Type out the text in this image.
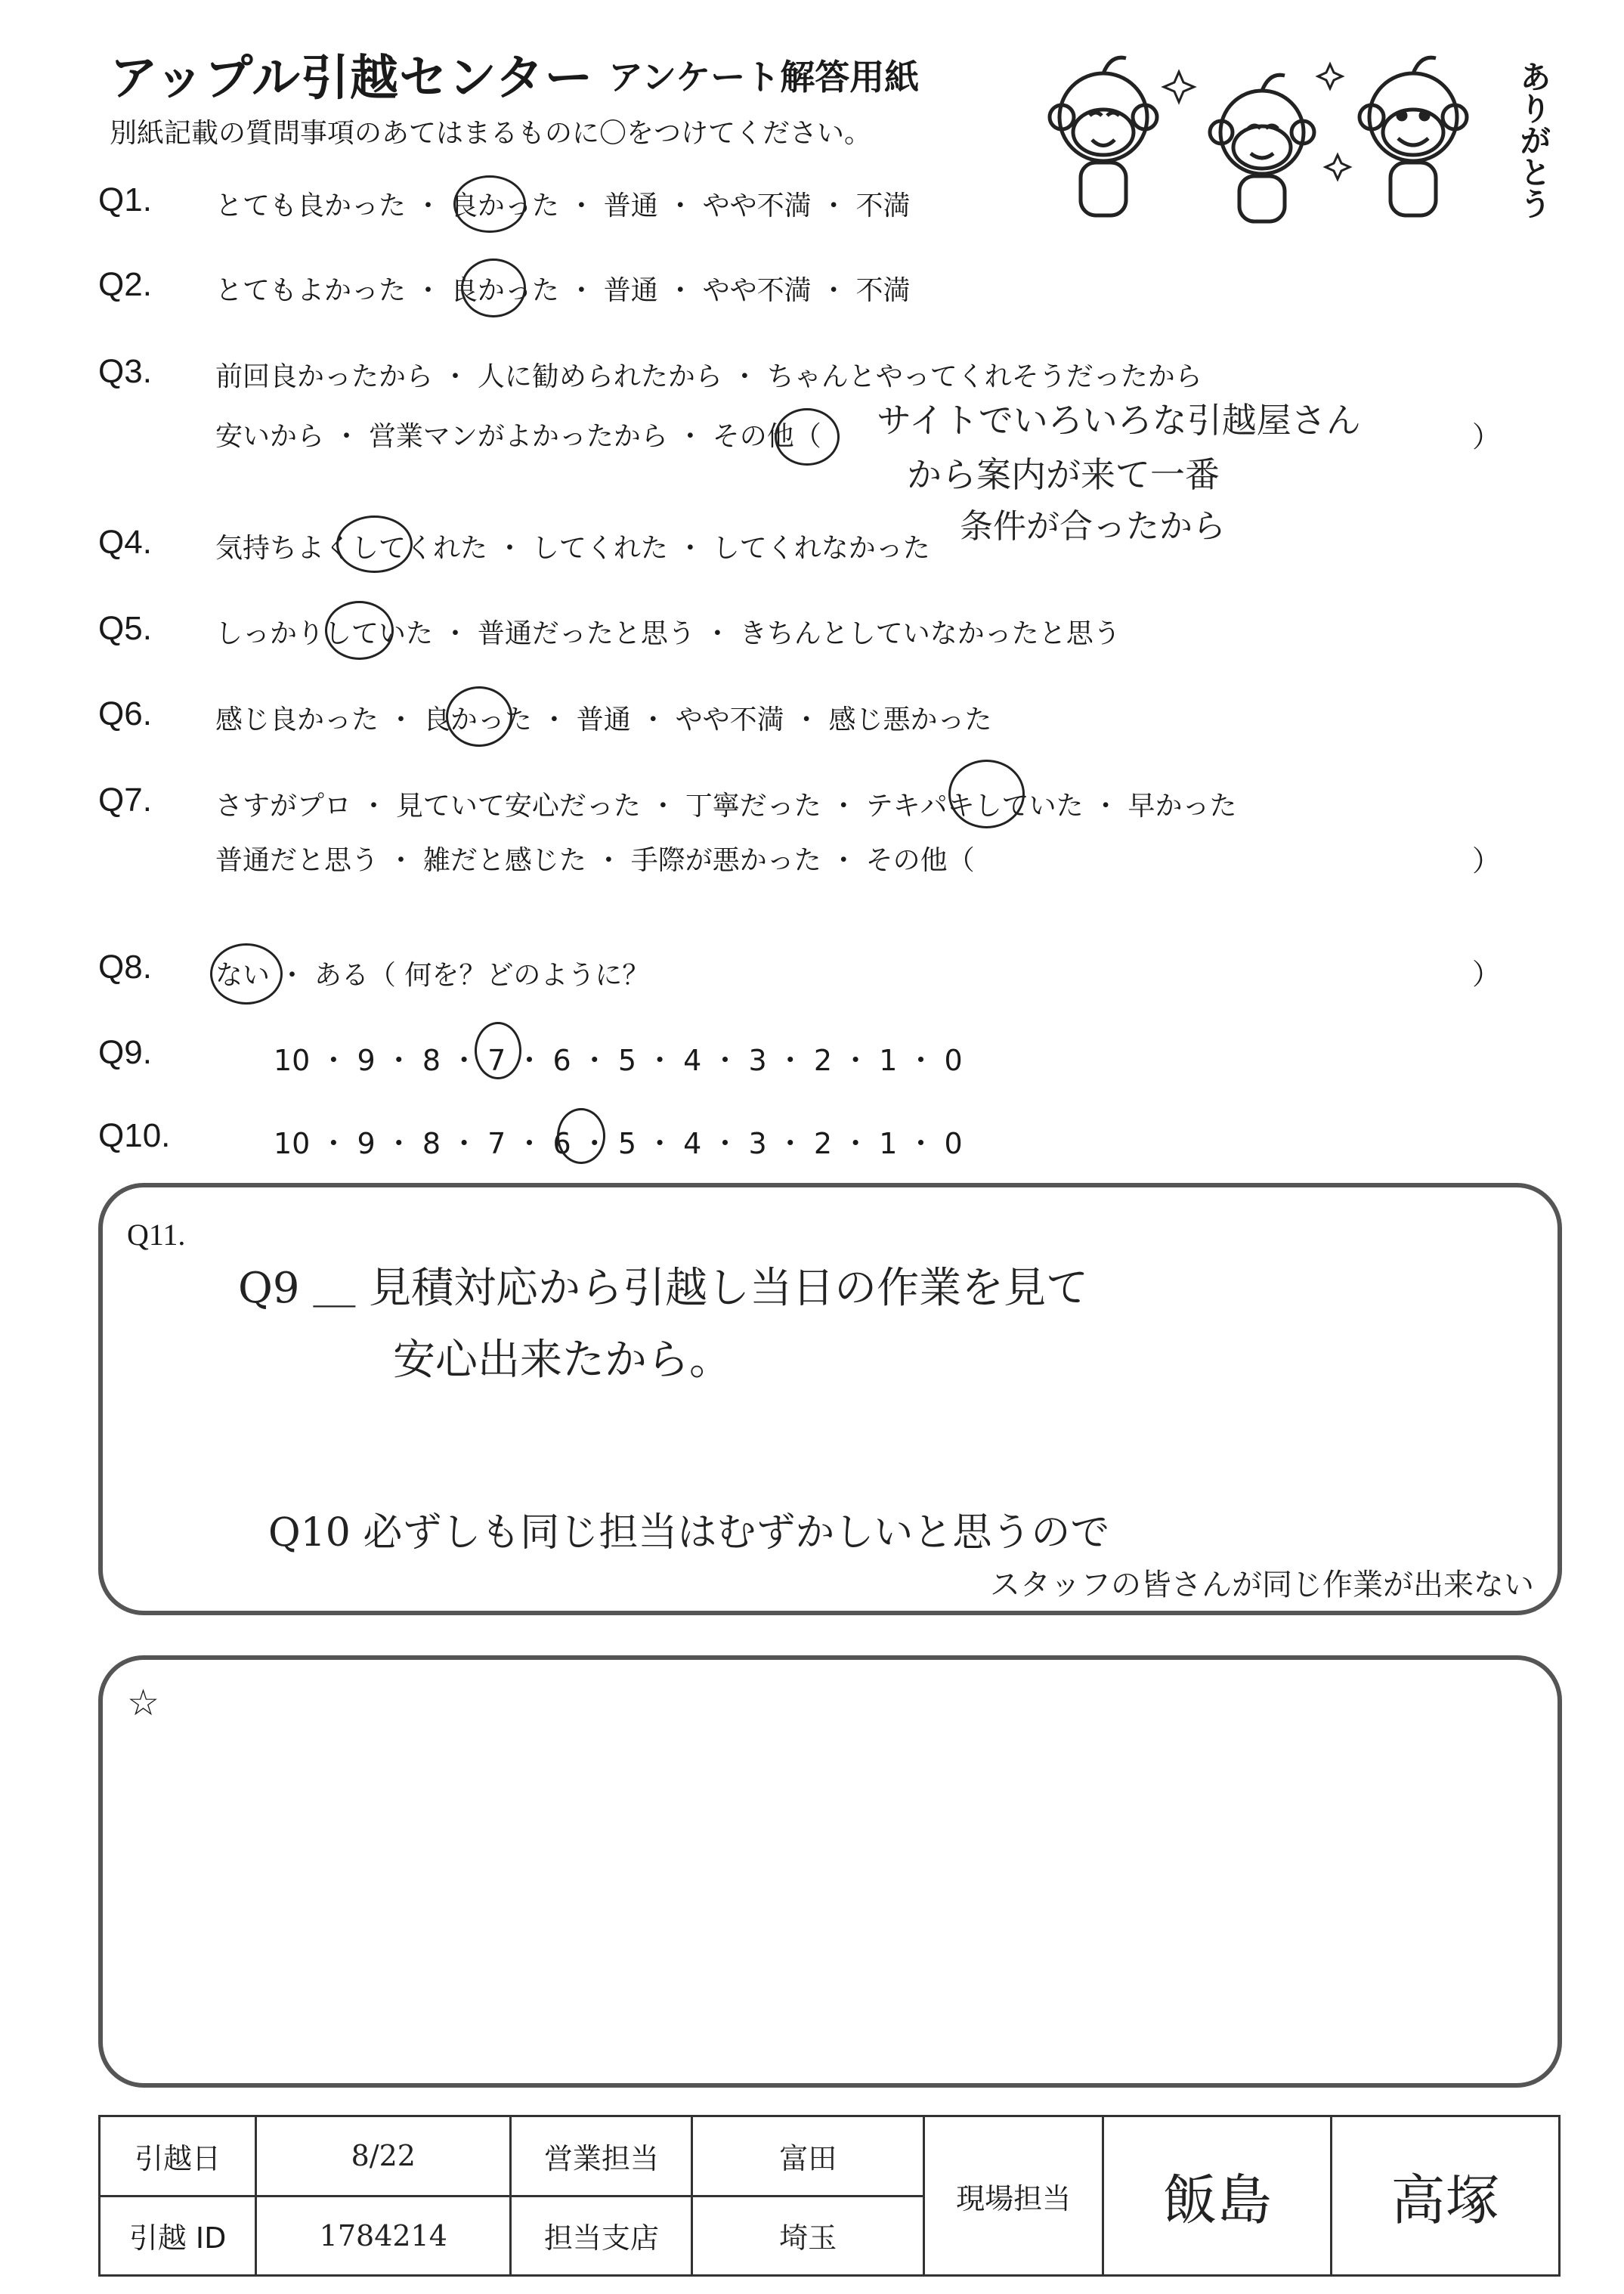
アップル引越センター アンケート解答用紙
別紙記載の質問事項のあてはまるものに〇をつけてください。	ありがとう
Q1. とても良かった ・ 良かった ・ 普通 ・ やや不満 ・ 不満
Q2. とてもよかった ・ 良かった ・ 普通 ・ やや不満 ・ 不満
Q3. 前回良かったから ・ 人に勧められたから ・ ちゃんとやってくれそうだったから
安いから ・ 営業マンがよかったから ・ その他（	）
サイトでいろいろな引越屋さん
から案内が来て一番
条件が合ったから
Q4. 気持ちよくしてくれた ・ してくれた ・ してくれなかった
Q5. しっかりしていた ・ 普通だったと思う ・ きちんとしていなかったと思う
Q6. 感じ良かった ・ 良かった ・ 普通 ・ やや不満 ・ 感じ悪かった
Q7. さすがプロ ・ 見ていて安心だった ・ 丁寧だった ・ テキパキしていた ・ 早かった
普通だと思う ・ 雑だと感じた ・ 手際が悪かった ・ その他（	）
Q8. ない ・ ある（ 何を？どのように？	）
Q9.	10 ・ 9 ・ 8 ・ 7 ・ 6 ・ 5 ・ 4 ・ 3 ・ 2 ・ 1 ・ 0
Q10.	10 ・ 9 ・ 8 ・ 7 ・ 6 ・ 5 ・ 4 ・ 3 ・ 2 ・ 1 ・ 0
Q11.
Q9 ＿ 見積対応から引越し当日の作業を見て
安心出来たから。
Q10 必ずしも同じ担当はむずかしいと思うので
スタッフの皆さんが同じ作業が出来ない
☆
引越日	8/22	営業担当	富田	現場担当	飯島	高塚
引越 ID	1784214	担当支店	埼玉			
